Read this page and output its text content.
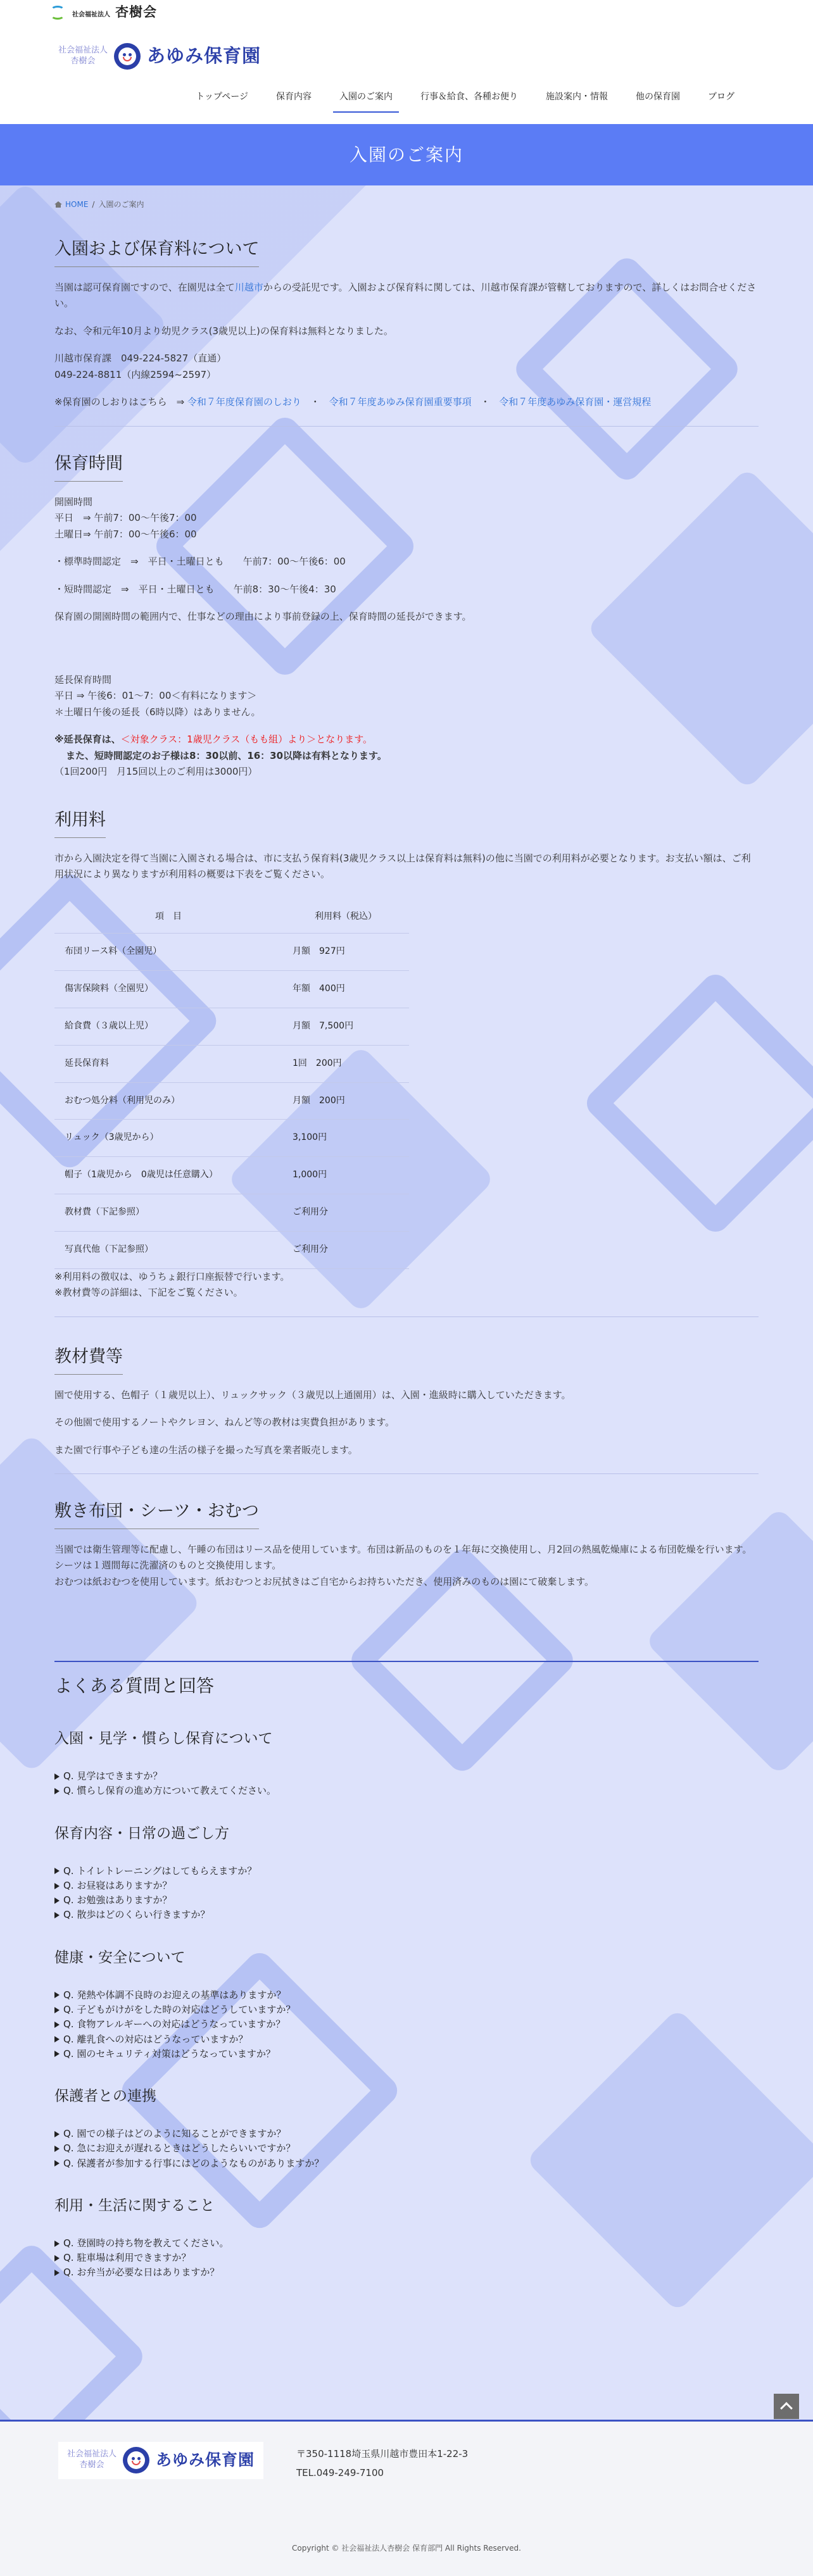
社会福祉法人 杏樹会
社会福祉法人
杏樹会	あゆみ保育園
トップページ	保育内容	入園のご案内	行事＆給食、各種お便り	施設案内・情報	他の保育園	ブログ
入園のご案内
HOME / 入園のご案内
入園および保育料について

当園は認可保育園ですので、在園児は全て川越市からの受託児です。入園および保育料に関しては、川越市保育課が管轄しておりますので、詳しくはお問合せください。

なお、令和元年10月より幼児クラス(3歳児以上)の保育料は無料となりました。

川越市保育課　049-224-5827（直通）

049-224-8811（内線2594~2597）

※保育園のしおりはこちら　⇒ 令和７年度保育園のしおり ・ 令和７年度あゆみ保育園重要事項 ・ 令和７年度あゆみ保育園・運営規程

保育時間

開園時間

平日　⇒ 午前7：00〜午後7：00

土曜日⇒ 午前7：00〜午後6：00

・標準時間認定　⇒　平日・土曜日とも　　午前7：00〜午後6：00

・短時間認定　⇒　平日・土曜日とも　　午前8：30〜午後4：30

保育園の開園時間の範囲内で、仕事などの理由により事前登録の上、保育時間の延長ができます。

延長保育時間

平日 ⇒ 午後6：01〜7：00＜有料になります＞

＊土曜日午後の延長（6時以降）はありません。

※延長保育は、＜対象クラス：1歳児クラス（もも組）より＞となります。

また、短時間認定のお子様は8：30以前、16：30以降は有料となります。

（1回200円　月15回以上のご利用は3000円）

利用料

市から入園決定を得て当園に入園される場合は、市に支払う保育料(3歳児クラス以上は保育料は無料)の他に当園での利用料が必要となります。お支払い額は、ご利用状況により異なりますが利用料の概要は下表をご覧ください。

項　目	利用料（税込）
布団リース料（全園児）	月額　927円
傷害保険料（全園児）	年額　400円
給食費（３歳以上児）	月額　7,500円
延長保育料	1回　200円
おむつ処分料（利用児のみ）	月額　200円
リュック（3歳児から）	3,100円
帽子（1歳児から　0歳児は任意購入）	1,000円
教材費（下記参照）	ご利用分
写真代他（下記参照）	ご利用分

※利用料の徴収は、ゆうちょ銀行口座振替で行います。

※教材費等の詳細は、下記をご覧ください。

教材費等

園で使用する、色帽子（１歳児以上）、リュックサック（３歳児以上通園用）は、入園・進級時に購入していただきます。

その他園で使用するノートやクレヨン、ねんど等の教材は実費負担があります。

また園で行事や子ども達の生活の様子を撮った写真を業者販売します。

敷き布団・シーツ・おむつ

当園では衛生管理等に配慮し、午睡の布団はリース品を使用しています。布団は新品のものを１年毎に交換使用し、月2回の熱風乾燥庫による布団乾燥を行います。シーツは１週間毎に洗濯済のものと交換使用します。

おむつは紙おむつを使用しています。紙おむつとお尻拭きはご自宅からお持ちいただき、使用済みのものは園にて破棄します。

よくある質問と回答
入園・見学・慣らし保育について
Q. 見学はできますか？
Q. 慣らし保育の進め方について教えてください。
保育内容・日常の過ごし方
Q. トイレトレーニングはしてもらえますか？
Q. お昼寝はありますか？
Q. お勉強はありますか？
Q. 散歩はどのくらい行きますか？
健康・安全について
Q. 発熱や体調不良時のお迎えの基準はありますか？
Q. 子どもがけがをした時の対応はどうしていますか？
Q. 食物アレルギーへの対応はどうなっていますか？
Q. 離乳食への対応はどうなっていますか？
Q. 園のセキュリティ対策はどうなっていますか？
保護者との連携
Q. 園での様子はどのように知ることができますか？
Q. 急にお迎えが遅れるときはどうしたらいいですか？
Q. 保護者が参加する行事にはどのようなものがありますか？
利用・生活に関すること
Q. 登園時の持ち物を教えてください。
Q. 駐車場は利用できますか？
Q. お弁当が必要な日はありますか？
社会福祉法人
杏樹会	あゆみ保育園	〒350-1118埼玉県川越市豊田本1-22-3
TEL.049-249-7100
Copyright © 社会福祉法人杏樹会 保育部門 All Rights Reserved.
